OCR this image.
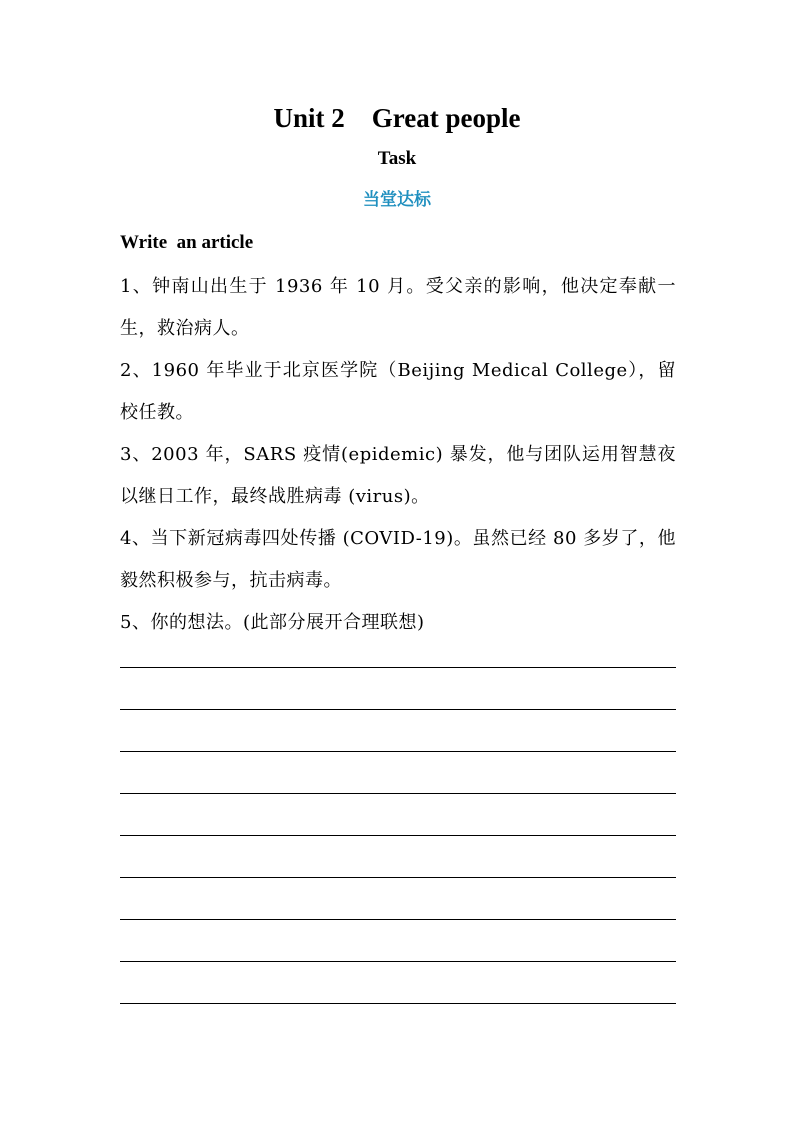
Unit 2    Great people
Task
当堂达标
Write  an article
1、钟南山出生于 1936 年 10 月。受父亲的影响，他决定奉献一生，救治病人。
2、1960 年毕业于北京医学院（Beijing Medical College），留校任教。
3、2003 年，SARS 疫情(epidemic) 暴发，他与团队运用智慧夜以继日工作，最终战胜病毒 (virus)。
4、当下新冠病毒四处传播 (COVID-19)。虽然已经 80 多岁了，他毅然积极参与，抗击病毒。
5、你的想法。(此部分展开合理联想)
